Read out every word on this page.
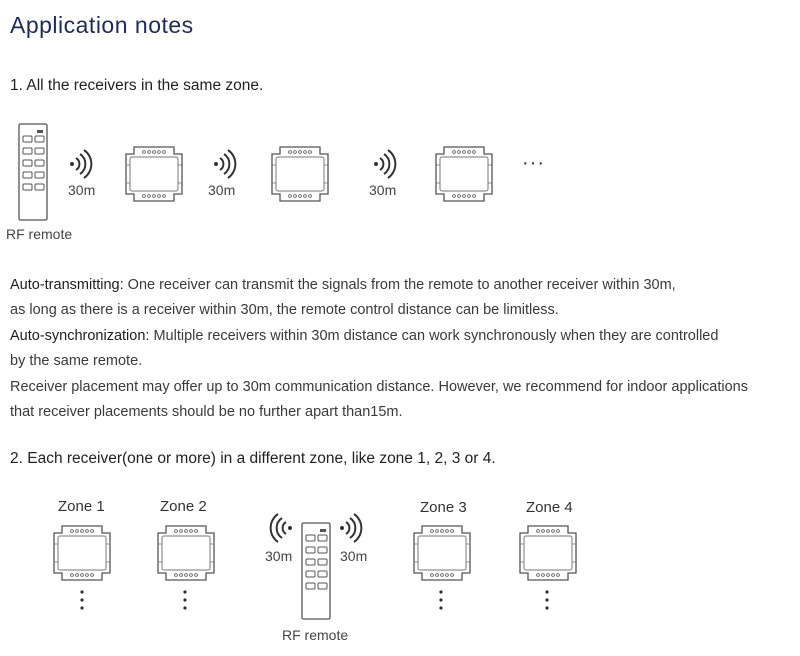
Application notes
1. All the receivers in the same zone.
RF remote
30m	30m	30m
···
Auto-transmitting: One receiver can transmit the signals from the remote to another receiver within 30m,
as long as there is a receiver within 30m, the remote control distance can be limitless.
Auto-synchronization: Multiple receivers within 30m distance can work synchronously when they are controlled
by the same remote.
Receiver placement may offer up to 30m communication distance. However, we recommend for indoor applications
that receiver placements should be no further apart than15m.
2. Each receiver(one or more) in a different zone, like zone 1, 2, 3 or 4.
Zone 1	Zone 2
30m	30m
RF remote
Zone 3	Zone 4
